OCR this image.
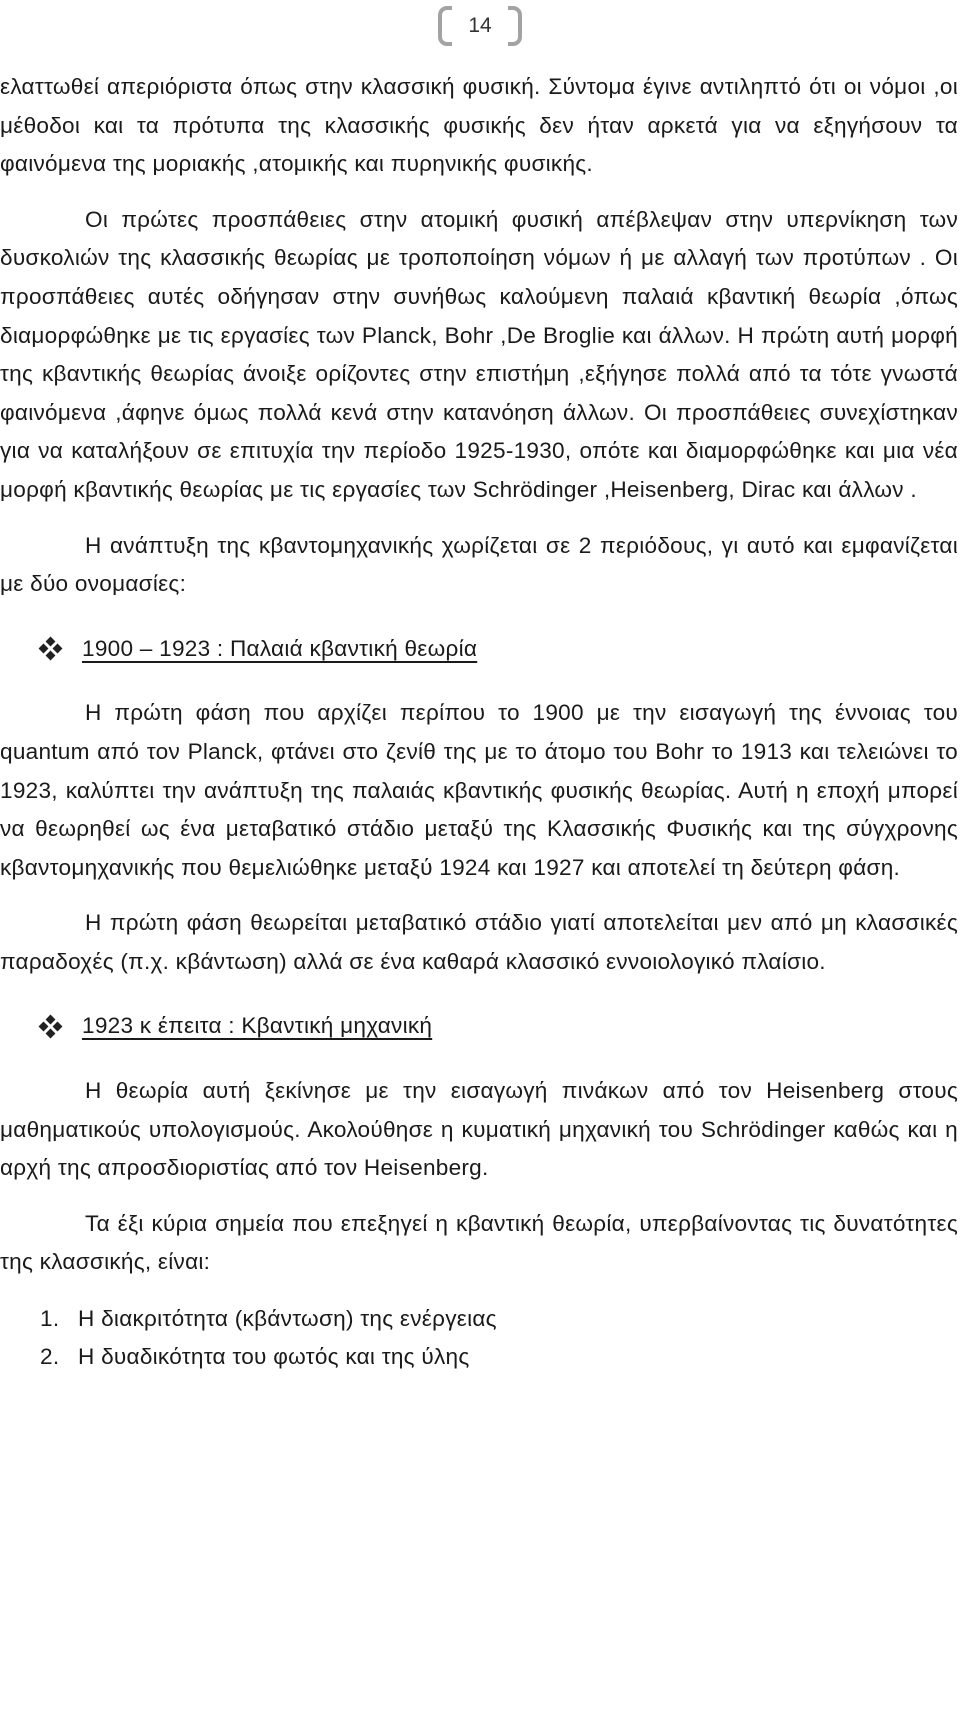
14

ελαττωθεί απεριόριστα όπως στην κλασσική φυσική. Σύντομα έγινε αντιληπτό ότι οι νόμοι ,οι μέθοδοι και τα πρότυπα της κλασσικής φυσικής δεν ήταν αρκετά για να εξηγήσουν τα φαινόμενα της μοριακής ,ατομικής και πυρηνικής φυσικής.

Οι πρώτες προσπάθειες στην ατομική φυσική απέβλεψαν στην υπερνίκηση των δυσκολιών της κλασσικής θεωρίας με τροποποίηση νόμων ή με αλλαγή των προτύπων . Οι προσπάθειες αυτές οδήγησαν στην συνήθως καλούμενη παλαιά κβαντική θεωρία ,όπως διαμορφώθηκε με τις εργασίες των Planck, Bohr ,De Broglie και άλλων. Η πρώτη αυτή μορφή της κβαντικής θεωρίας άνοιξε ορίζοντες στην επιστήμη ,εξήγησε πολλά από τα τότε γνωστά φαινόμενα ,άφηνε όμως πολλά κενά στην κατανόηση άλλων. Οι προσπάθειες συνεχίστηκαν για να καταλήξουν σε επιτυχία την περίοδο 1925-1930, οπότε και διαμορφώθηκε και μια νέα μορφή κβαντικής θεωρίας με τις εργασίες των Schrödinger ,Heisenberg, Dirac και άλλων .

Η ανάπτυξη της κβαντομηχανικής χωρίζεται σε 2 περιόδους, γι αυτό και εμφανίζεται με δύο ονομασίες:

1900 – 1923 : Παλαιά κβαντική θεωρία

Η πρώτη φάση που αρχίζει περίπου το 1900 με την εισαγωγή της έννοιας του quantum από τον Planck, φτάνει στο ζενίθ της με το άτομο του Bohr το 1913 και τελειώνει το 1923, καλύπτει την ανάπτυξη της παλαιάς κβαντικής φυσικής θεωρίας. Αυτή η εποχή μπορεί να θεωρηθεί ως ένα μεταβατικό στάδιο μεταξύ της Κλασσικής Φυσικής και της σύγχρονης κβαντομηχανικής που θεμελιώθηκε μεταξύ 1924 και 1927 και αποτελεί τη δεύτερη φάση.

Η πρώτη φάση θεωρείται μεταβατικό στάδιο γιατί αποτελείται μεν από μη κλασσικές παραδοχές (π.χ. κβάντωση) αλλά σε ένα καθαρά κλασσικό εννοιολογικό πλαίσιο.

1923 κ έπειτα : Κβαντική μηχανική

Η θεωρία αυτή ξεκίνησε με την εισαγωγή πινάκων από τον Heisenberg στους μαθηματικούς υπολογισμούς. Ακολούθησε η κυματική μηχανική του Schrödinger καθώς και η αρχή της απροσδιοριστίας από τον Heisenberg.

Τα έξι κύρια σημεία που επεξηγεί η κβαντική θεωρία, υπερβαίνοντας τις δυνατότητες της κλασσικής, είναι:

1. Η διακριτότητα (κβάντωση) της ενέργειας
2. Η δυαδικότητα του φωτός και της ύλης
